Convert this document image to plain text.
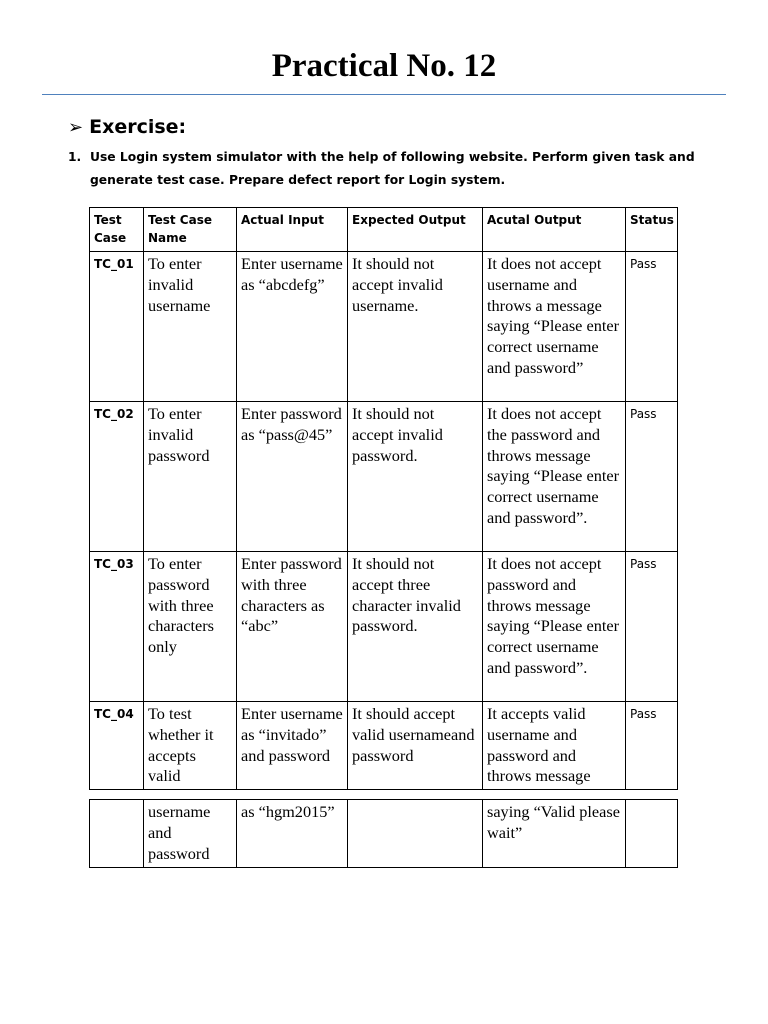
Practical No. 12
➢ Exercise:
1. Use Login system simulator with the help of following website. Perform given task and generate test case. Prepare defect report for Login system.
Test Case	Test Case Name	Actual Input	Expected Output	Acutal Output	Status
TC_01	To enter invalid username	Enter username as “abcdefg”	It should not accept invalid username.	It does not accept username and throws a message saying “Please enter correct username and password”	Pass
TC_02	To enter invalid password	Enter password as “pass@45”	It should not accept invalid password.	It does not accept the password and throws message saying “Please enter correct username and password”.	Pass
TC_03	To enter password with three characters only	Enter password with three characters as “abc”	It should not accept three character invalid password.	It does not accept password and throws message saying “Please enter correct username and password”.	Pass
TC_04	To test whether it accepts valid	Enter username as “invitado” and password	It should accept valid usernameand password	It accepts valid username and password and throws message	Pass
	username and password	as “hgm2015”		saying “Valid please wait”	
